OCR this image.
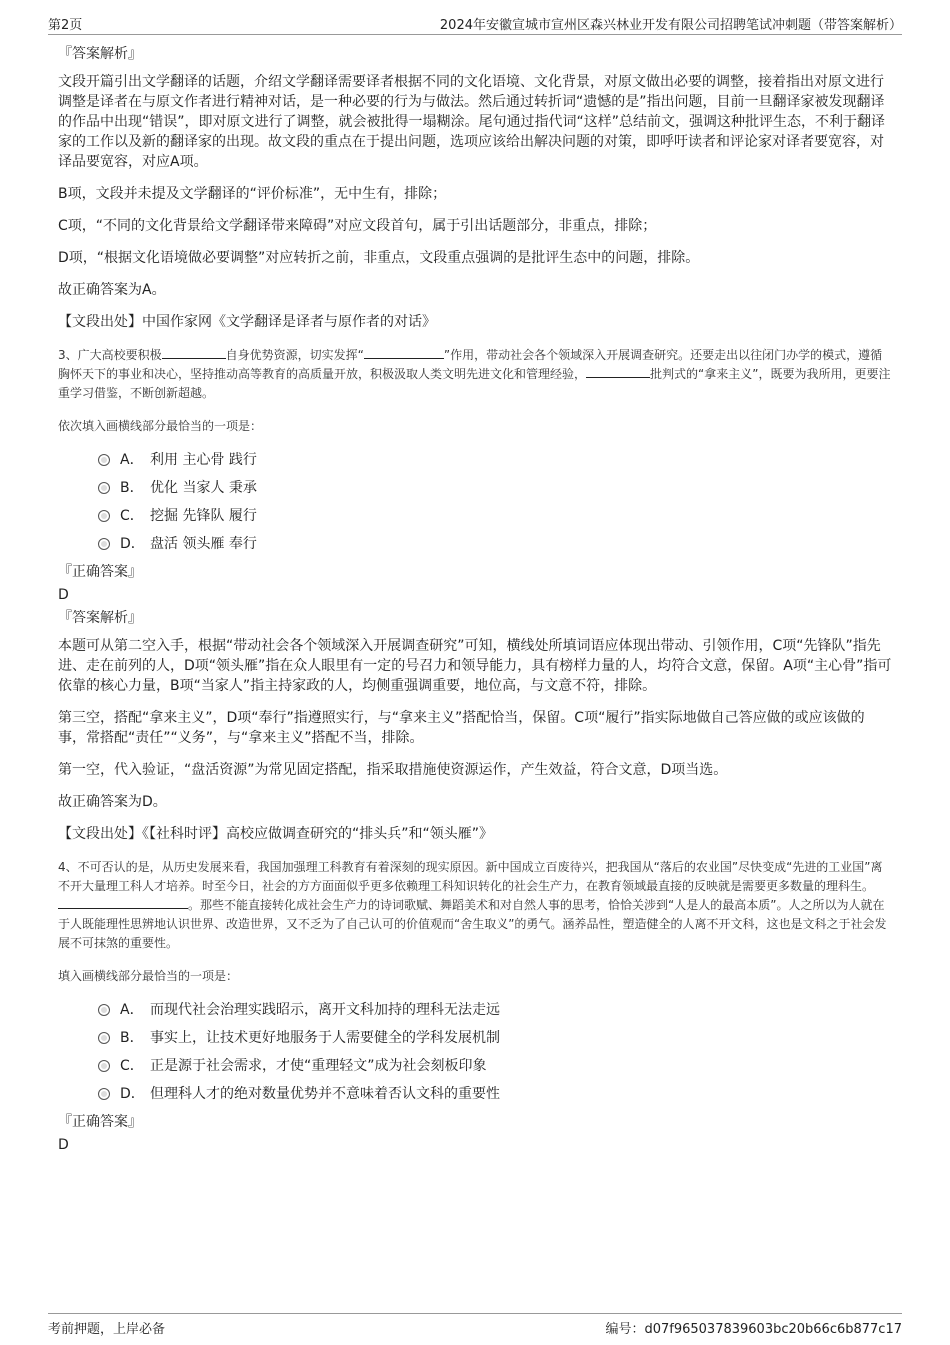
第2页	2024年安徽宣城市宣州区森兴林业开发有限公司招聘笔试冲刺题（带答案解析）
『答案解析』

文段开篇引出文学翻译的话题，介绍文学翻译需要译者根据不同的文化语境、文化背景，对原文做出必要的调整，接着指出对原文进行调整是译者在与原文作者进行精神对话，是一种必要的行为与做法。然后通过转折词“遗憾的是”指出问题，目前一旦翻译家被发现翻译的作品中出现“错误”，即对原文进行了调整，就会被批得一塌糊涂。尾句通过指代词“这样”总结前文，强调这种批评生态，不利于翻译家的工作以及新的翻译家的出现。故文段的重点在于提出问题，选项应该给出解决问题的对策，即呼吁读者和评论家对译者要宽容，对译品要宽容，对应A项。

B项，文段并未提及文学翻译的“评价标准”，无中生有，排除；

C项，“不同的文化背景给文学翻译带来障碍”对应文段首句，属于引出话题部分，非重点，排除；

D项，“根据文化语境做必要调整”对应转折之前，非重点，文段重点强调的是批评生态中的问题，排除。

故正确答案为A。

【文段出处】中国作家网《文学翻译是译者与原作者的对话》

3、广大高校要积极	自身优势资源，切实发挥“	”作用，带动社会各个领域深入开展调查研究。还要走出以往闭门办学的模式，遵循胸怀天下的事业和决心，坚持推动高等教育的高质量开放，积极汲取人类文明先进文化和管理经验，	批判式的“拿来主义”，既要为我所用，更要注重学习借鉴，不断创新超越。
依次填入画横线部分最恰当的一项是：
A． 利用 主心骨 践行
B． 优化 当家人 秉承
C． 挖掘 先锋队 履行
D． 盘活 领头雁 奉行
『正确答案』
D
『答案解析』

本题可从第二空入手，根据“带动社会各个领域深入开展调查研究”可知，横线处所填词语应体现出带动、引领作用，C项“先锋队”指先进、走在前列的人，D项“领头雁”指在众人眼里有一定的号召力和领导能力，具有榜样力量的人，均符合文意，保留。A项“主心骨”指可依靠的核心力量，B项“当家人”指主持家政的人，均侧重强调重要，地位高，与文意不符，排除。

第三空，搭配“拿来主义”，D项“奉行”指遵照实行，与“拿来主义”搭配恰当，保留。C项“履行”指实际地做自己答应做的或应该做的事，常搭配“责任”“义务”，与“拿来主义”搭配不当，排除。

第一空，代入验证，“盘活资源”为常见固定搭配，指采取措施使资源运作，产生效益，符合文意，D项当选。

故正确答案为D。

【文段出处】《【社科时评】高校应做调查研究的“排头兵”和“领头雁”》

4、不可否认的是，从历史发展来看，我国加强理工科教育有着深刻的现实原因。新中国成立百废待兴，把我国从“落后的农业国”尽快变成“先进的工业国”离不开大量理工科人才培养。时至今日，社会的方方面面似乎更多依赖理工科知识转化的社会生产力，在教育领域最直接的反映就是需要更多数量的理科生。。那些不能直接转化成社会生产力的诗词歌赋、舞蹈美术和对自然人事的思考，恰恰关涉到“人是人的最高本质”。人之所以为人就在于人既能理性思辨地认识世界、改造世界，又不乏为了自己认可的价值观而“舍生取义”的勇气。涵养品性，塑造健全的人离不开文科，这也是文科之于社会发展不可抹煞的重要性。
填入画横线部分最恰当的一项是：
A． 而现代社会治理实践昭示，离开文科加持的理科无法走远
B． 事实上，让技术更好地服务于人需要健全的学科发展机制
C． 正是源于社会需求，才使“重理轻文”成为社会刻板印象
D． 但理科人才的绝对数量优势并不意味着否认文科的重要性
『正确答案』
D
考前押题，上岸必备	编号：d07f965037839603bc20b66c6b877c17
